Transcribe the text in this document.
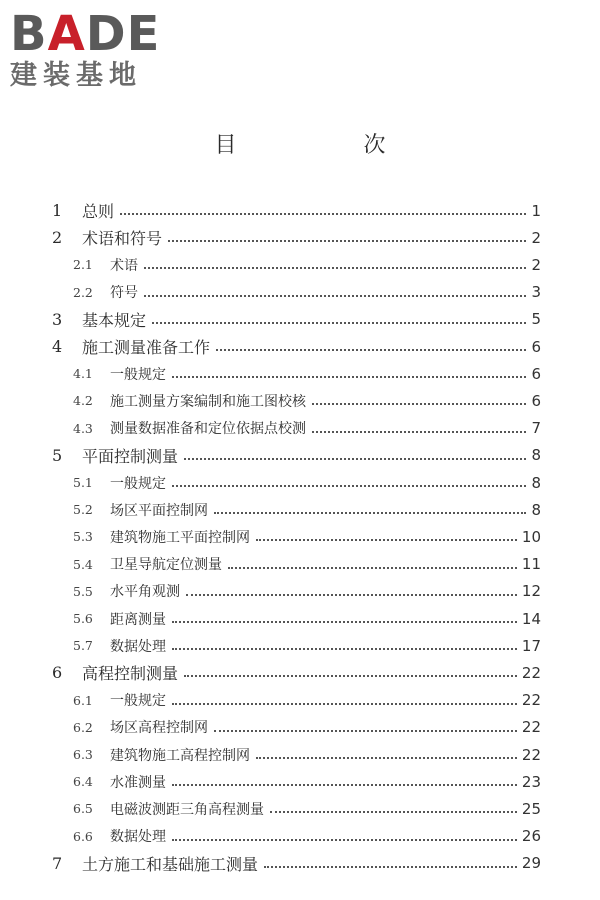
BADE
建装基地
目 次
1 总则	1
2 术语和符号	2
2.1 术语	2
2.2 符号	3
3 基本规定	5
4 施工测量准备工作	6
4.1 一般规定	6
4.2 施工测量方案编制和施工图校核	6
4.3 测量数据准备和定位依据点校测	7
5 平面控制测量	8
5.1 一般规定	8
5.2 场区平面控制网	8
5.3 建筑物施工平面控制网	10
5.4 卫星导航定位测量	11
5.5 水平角观测	12
5.6 距离测量	14
5.7 数据处理	17
6 高程控制测量	22
6.1 一般规定	22
6.2 场区高程控制网	22
6.3 建筑物施工高程控制网	22
6.4 水准测量	23
6.5 电磁波测距三角高程测量	25
6.6 数据处理	26
7 土方施工和基础施工测量	29
